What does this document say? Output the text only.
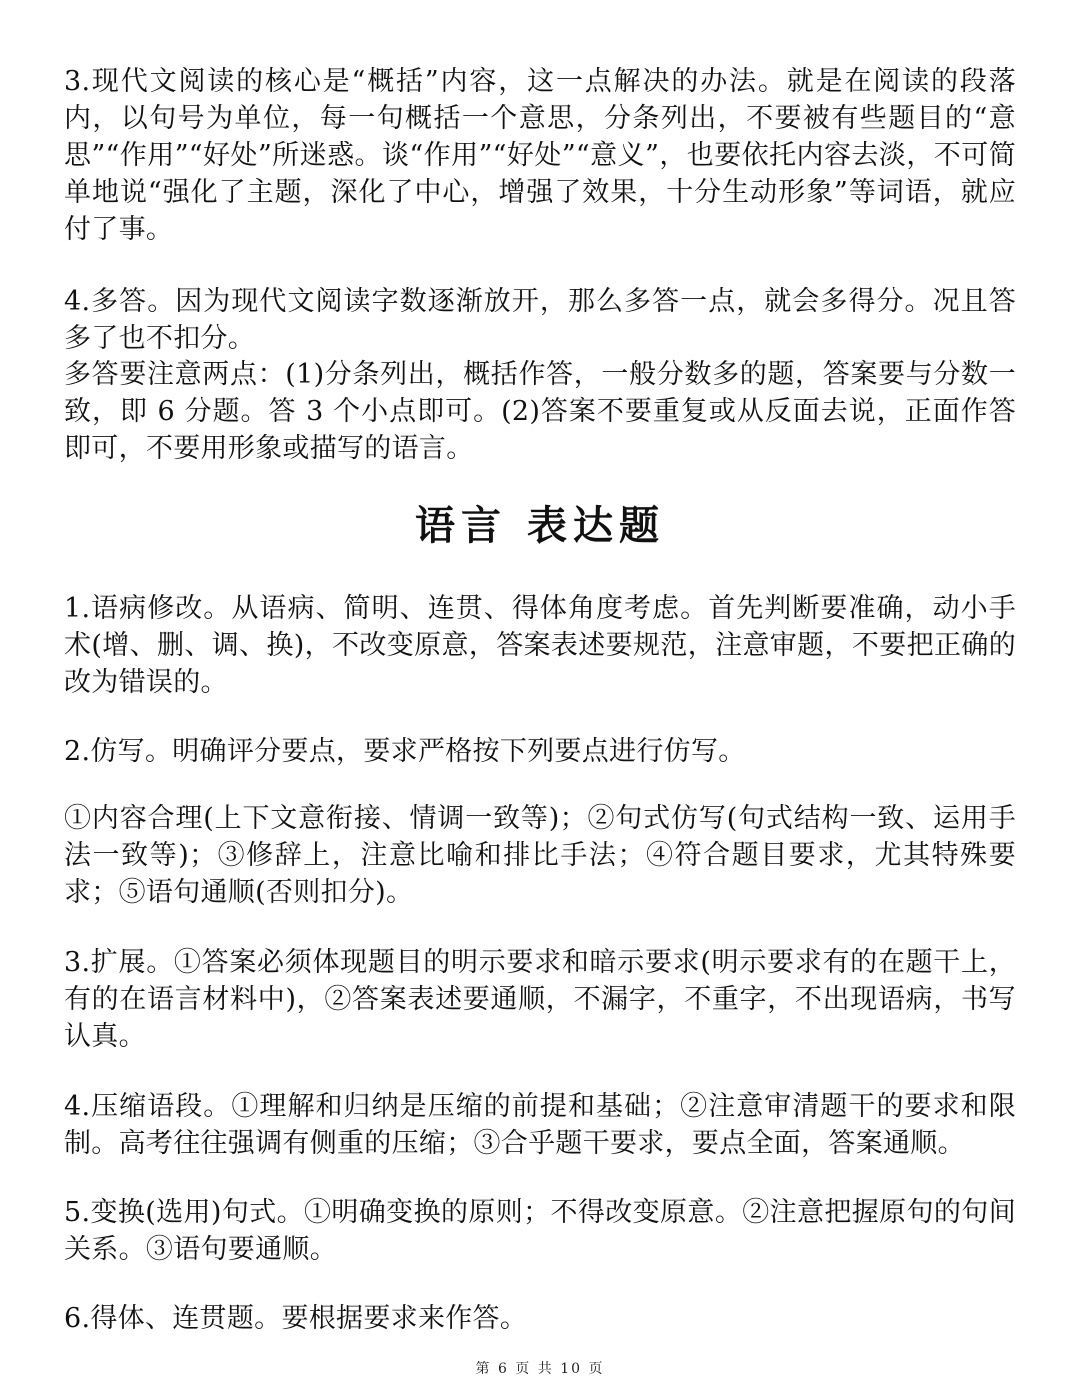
3.现代文阅读的核心是“概括”内容，这一点解决的办法。就是在阅读的段落内，以句号为单位，每一句概括一个意思，分条列出，不要被有些题目的“意思”“作用”“好处”所迷惑。谈“作用”“好处”“意义”，也要依托内容去淡，不可简单地说“强化了主题，深化了中心，增强了效果，十分生动形象”等词语，就应付了事。

4.多答。因为现代文阅读字数逐渐放开，那么多答一点，就会多得分。况且答多了也不扣分。

多答要注意两点：(1)分条列出，概括作答，一般分数多的题，答案要与分数一致，即 6 分题。答 3 个小点即可。(2)答案不要重复或从反面去说，正面作答即可，不要用形象或描写的语言。

语言 表达题

1.语病修改。从语病、简明、连贯、得体角度考虑。首先判断要准确，动小手术(增、删、调、换)，不改变原意，答案表述要规范，注意审题，不要把正确的改为错误的。

2.仿写。明确评分要点，要求严格按下列要点进行仿写。

①内容合理(上下文意衔接、情调一致等)；②句式仿写(句式结构一致、运用手法一致等)；③修辞上，注意比喻和排比手法；④符合题目要求，尤其特殊要求；⑤语句通顺(否则扣分)。

3.扩展。①答案必须体现题目的明示要求和暗示要求(明示要求有的在题干上，有的在语言材料中)，②答案表述要通顺，不漏字，不重字，不出现语病，书写认真。

4.压缩语段。①理解和归纳是压缩的前提和基础；②注意审清题干的要求和限制。高考往往强调有侧重的压缩；③合乎题干要求，要点全面，答案通顺。

5.变换(选用)句式。①明确变换的原则；不得改变原意。②注意把握原句的句间关系。③语句要通顺。

6.得体、连贯题。要根据要求来作答。

第 6 页 共 10 页
